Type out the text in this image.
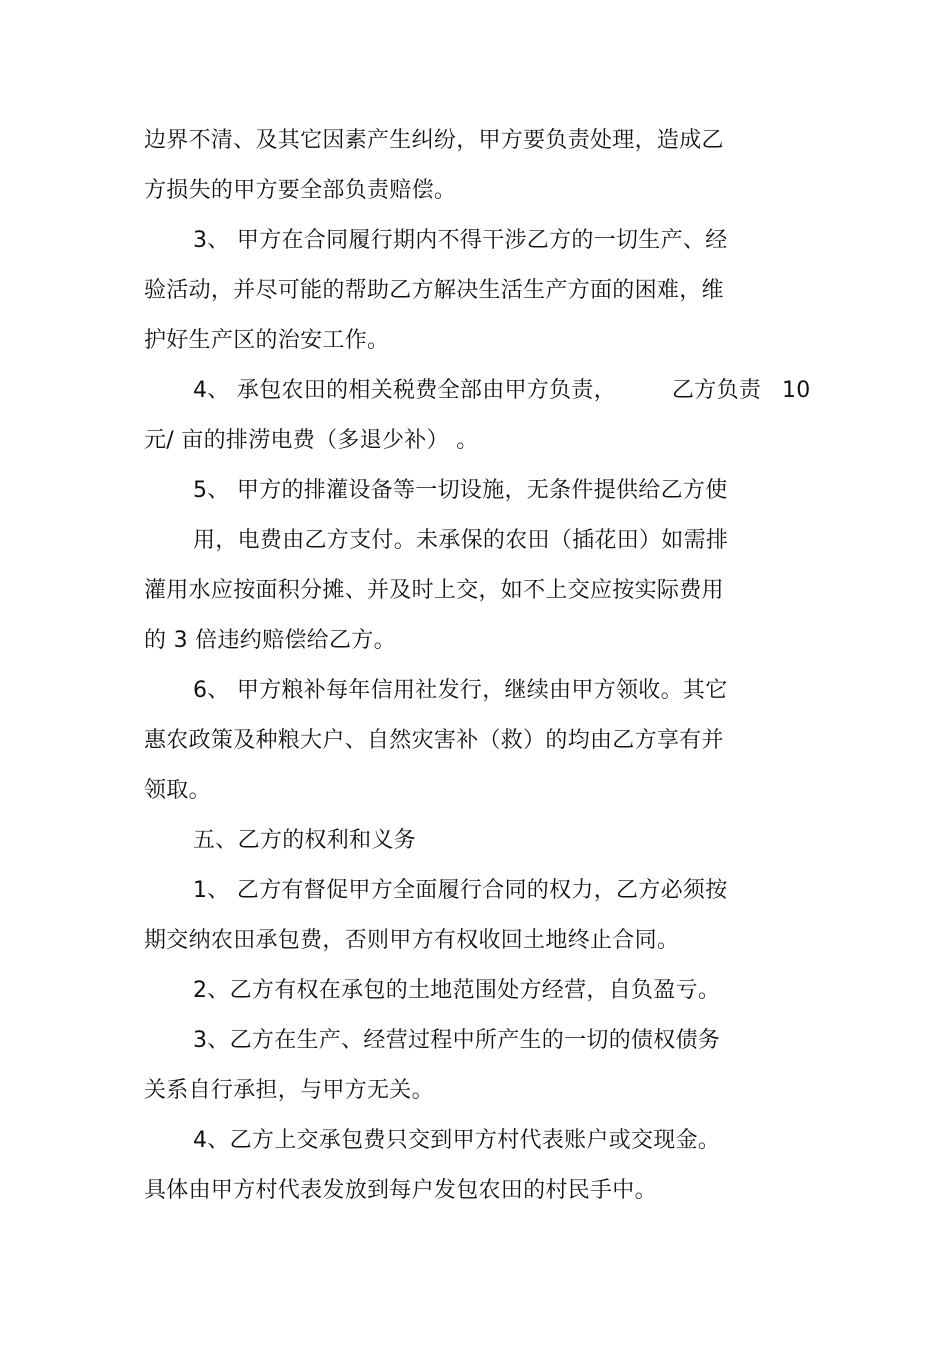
边界不清、及其它因素产生纠纷，甲方要负责处理，造成乙
方损失的甲方要全部负责赔偿。
3、 甲方在合同履行期内不得干涉乙方的一切生产、经
验活动，并尽可能的帮助乙方解决生活生产方面的困难，维
护好生产区的治安工作。
4、 承包农田的相关税费全部由甲方负责，	乙方负责 10
元/ 亩的排涝电费（多退少补） 。
5、 甲方的排灌设备等一切设施，无条件提供给乙方使
用，电费由乙方支付。未承保的农田（插花田）如需排
灌用水应按面积分摊、并及时上交，如不上交应按实际费用
的 3 倍违约赔偿给乙方。
6、 甲方粮补每年信用社发行，继续由甲方领收。其它
惠农政策及种粮大户、自然灾害补（救）的均由乙方享有并
领取。
五、乙方的权利和义务
1、 乙方有督促甲方全面履行合同的权力，乙方必须按
期交纳农田承包费，否则甲方有权收回土地终止合同。
2、乙方有权在承包的土地范围处方经营，自负盈亏。
3、乙方在生产、经营过程中所产生的一切的债权债务
关系自行承担，与甲方无关。
4、乙方上交承包费只交到甲方村代表账户或交现金。
具体由甲方村代表发放到每户发包农田的村民手中。
